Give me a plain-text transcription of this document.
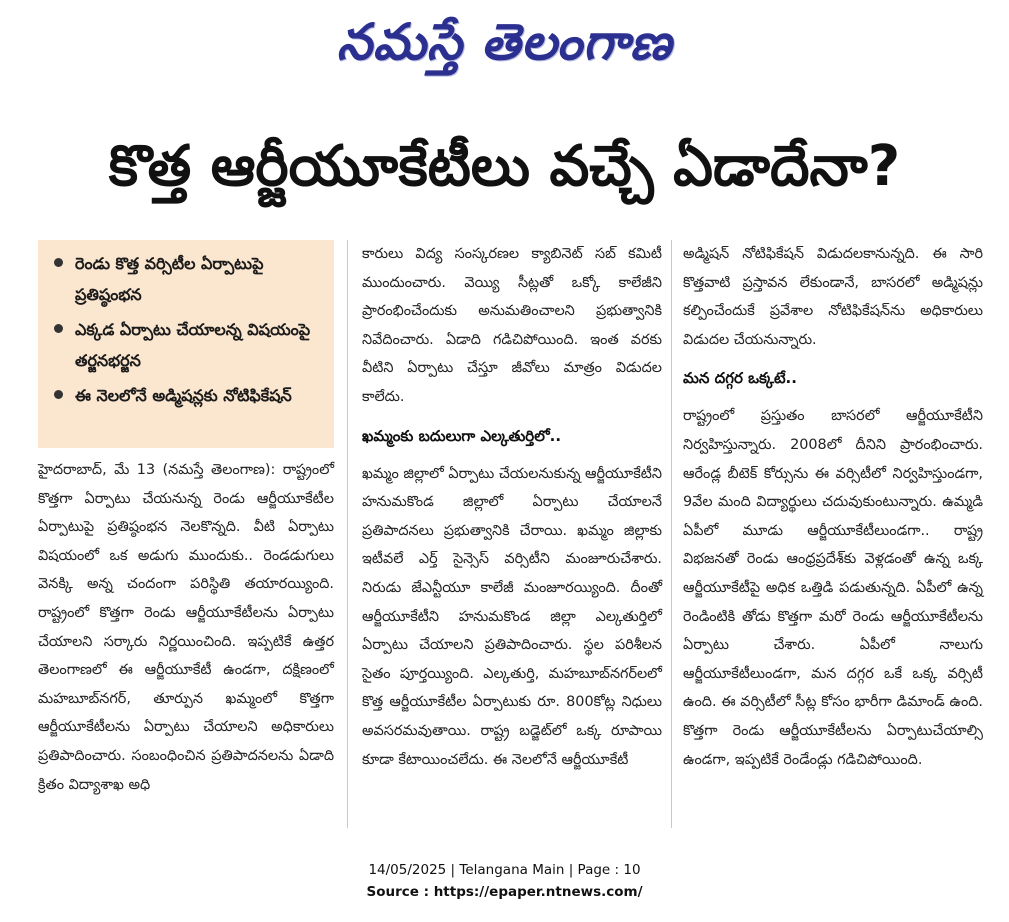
నమస్తే తెలంగాణ
కొత్త ఆర్జీయూకేటీలు వచ్చే ఏడాదేనా?
రెండు కొత్త వర్సిటీల ఏర్పాటుపై ప్రతిష్ఠంభన
ఎక్కడ ఏర్పాటు చేయాలన్న విషయంపై తర్జనభర్జన
ఈ నెలలోనే అడ్మిషన్లకు నోటిఫికేషన్

హైదరాబాద్, మే 13 (నమస్తే తెలంగాణ): రాష్ట్రంలో కొత్తగా ఏర్పాటు చేయనున్న రెండు ఆర్జీయూకేటీల ఏర్పాటుపై ప్రతిష్ఠంభన నెలకొన్నది. వీటి ఏర్పాటు విషయంలో ఒక అడుగు ముందుకు.. రెండడుగులు వెనక్కి అన్న చందంగా పరిస్థితి తయారయ్యింది. రాష్ట్రంలో కొత్తగా రెండు ఆర్జీయూకేటీలను ఏర్పాటు చేయాలని సర్కారు నిర్ణయించింది. ఇప్పటికే ఉత్తర తెలంగాణలో ఈ ఆర్జీయూకేటీ ఉండగా, దక్షిణంలో మహబూబ్‌నగర్, తూర్పున ఖమ్మంలో కొత్తగా ఆర్జీయూకేటీలను ఏర్పాటు చేయాలని అధికారులు ప్రతిపాదించారు. సంబంధించిన ప్రతిపాదనలను ఏడాది క్రితం విద్యాశాఖ అధి

కారులు విద్య సంస్కరణల క్యాబినెట్ సబ్ కమిటీ ముందుంచారు. వెయ్యి సీట్లతో ఒక్కో కాలేజీని ప్రారంభించేందుకు అనుమతించాలని ప్రభుత్వానికి నివేదించారు. ఏడాది గడిచిపోయింది. ఇంత వరకు వీటిని ఏర్పాటు చేస్తూ జీవోలు మాత్రం విడుదల కాలేదు.

ఖమ్మంకు బదులుగా ఎల్కతుర్తిలో..

ఖమ్మం జిల్లాలో ఏర్పాటు చేయలనుకున్న ఆర్జీయూకేటీని హనుమకొండ జిల్లాలో ఏర్పాటు చేయాలనే ప్రతిపాదనలు ప్రభుత్వానికి చేరాయి. ఖమ్మం జిల్లాకు ఇటీవలే ఎర్త్ సైన్సెస్ వర్సిటీని మంజూరుచేశారు. నిరుడు జేఎన్టీయూ కాలేజీ మంజూరయ్యింది. దీంతో ఆర్జీయూకేటీని హనుమకొండ జిల్లా ఎల్కతుర్తిలో ఏర్పాటు చేయాలని ప్రతిపాదించారు. స్థల పరిశీలన సైతం పూర్తయ్యింది. ఎల్కతుర్తి, మహబూబ్‌నగర్‌లలో కొత్త ఆర్జీయూకేటీల ఏర్పాటుకు రూ. 800కోట్ల నిధులు అవసరమవుతాయి. రాష్ట్ర బడ్జెట్‌లో ఒక్క రూపాయి కూడా కేటాయించలేదు. ఈ నెలలోనే ఆర్జీయూకేటీ

అడ్మిషన్ నోటిఫికేషన్ విడుదలకానున్నది. ఈ సారి కొత్తవాటి ప్రస్తావన లేకుండానే, బాసరలో అడ్మిషన్లు కల్పించేందుకే ప్రవేశాల నోటిఫికేషన్‌ను అధికారులు విడుదల చేయనున్నారు.

మన దగ్గర ఒక్కటే..

రాష్ట్రంలో ప్రస్తుతం బాసరలో ఆర్జీయూకేటీని నిర్వహిస్తున్నారు. 2008లో దీనిని ప్రారంభించారు. ఆరేండ్ల బీటెక్ కోర్సును ఈ వర్సిటీలో నిర్వహిస్తుండగా, 9వేల మంది విద్యార్థులు చదువుకుంటున్నారు. ఉమ్మడి ఏపీలో మూడు ఆర్జీయూకేటీలుండగా.. రాష్ట్ర విభజనతో రెండు ఆంధ్రప్రదేశ్‌కు వెళ్లడంతో ఉన్న ఒక్క ఆర్జీయూకేటీపై అధిక ఒత్తిడి పడుతున్నది. ఏపీలో ఉన్న రెండింటికి తోడు కొత్తగా మరో రెండు ఆర్జీయూకేటీలను ఏర్పాటు చేశారు. ఏపీలో నాలుగు ఆర్జీయూకేటీలుండగా, మన దగ్గర ఒకే ఒక్క వర్సిటీ ఉంది. ఈ వర్సిటీలో సీట్ల కోసం భారీగా డిమాండ్ ఉంది. కొత్తగా రెండు ఆర్జీయూకేటీలను ఏర్పాటుచేయాల్సి ఉండగా, ఇప్పటికే రెండేండ్లు గడిచిపోయింది.

14/05/2025 | Telangana Main | Page : 10
Source : https://epaper.ntnews.com/
